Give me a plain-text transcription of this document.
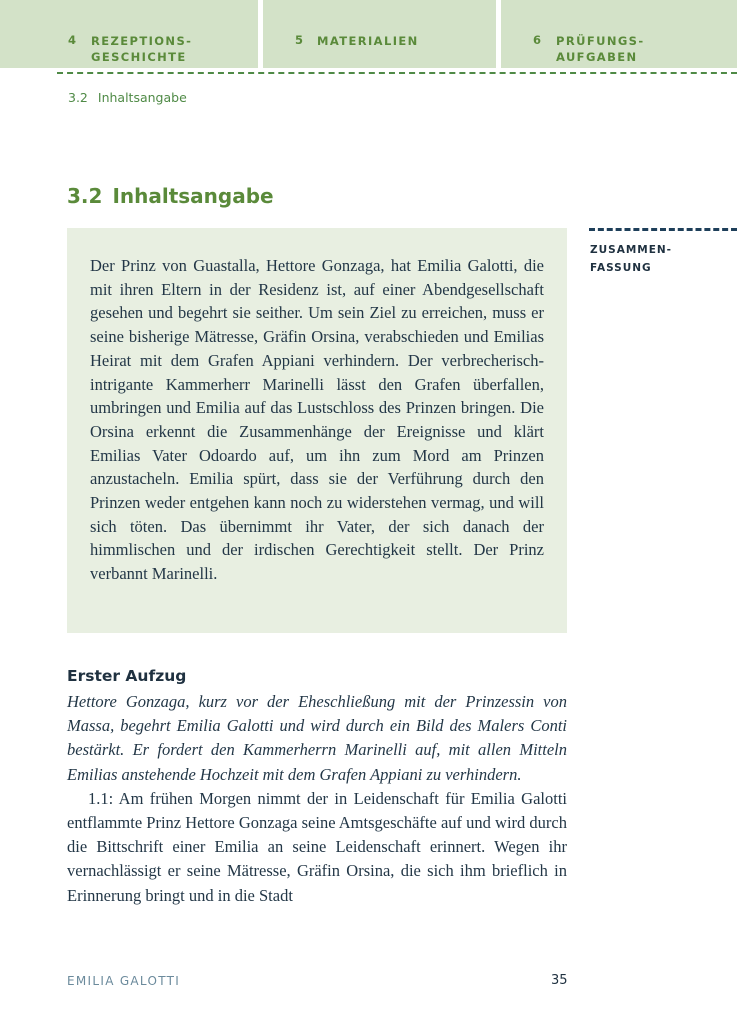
4 REZEPTIONS-
GESCHICHTE
5 MATERIALIEN	6 PRÜFUNGS-
AUFGABEN
3.2 Inhaltsangabe
3.2 Inhaltsangabe
ZUSAMMEN-
FASSUNG

Der Prinz von Guastalla, Hettore Gonzaga, hat Emilia Galotti, die mit ihren Eltern in der Residenz ist, auf einer Abendgesellschaft gesehen und begehrt sie seither. Um sein Ziel zu erreichen, muss er seine bisherige Mätresse, Gräfin Orsina, verabschieden und Emilias Heirat mit dem Grafen Appiani verhindern. Der verbrecherisch-intrigante Kammerherr Marinelli lässt den Grafen überfallen, umbringen und Emilia auf das Lustschloss des Prinzen bringen. Die Orsina erkennt die Zusammenhänge der Ereignisse und klärt Emilias Vater Odoardo auf, um ihn zum Mord am Prinzen anzustacheln. Emilia spürt, dass sie der Verführung durch den Prinzen weder entgehen kann noch zu widerstehen vermag, und will sich töten. Das übernimmt ihr Vater, der sich danach der himmlischen und der irdischen Gerechtigkeit stellt. Der Prinz verbannt Marinelli.

Erster Aufzug

Hettore Gonzaga, kurz vor der Eheschließung mit der Prinzessin von Massa, begehrt Emilia Galotti und wird durch ein Bild des Malers Conti bestärkt. Er fordert den Kammerherrn Marinelli auf, mit allen Mitteln Emilias anstehende Hochzeit mit dem Grafen Appiani zu verhindern.

1.1: Am frühen Morgen nimmt der in Leidenschaft für Emilia Galotti entflammte Prinz Hettore Gonzaga seine Amtsgeschäfte auf und wird durch die Bittschrift einer Emilia an seine Leidenschaft erinnert. Wegen ihr vernachlässigt er seine Mätresse, Gräfin Orsina, die sich ihm brieflich in Erinnerung bringt und in die Stadt

EMILIA GALOTTI	35
